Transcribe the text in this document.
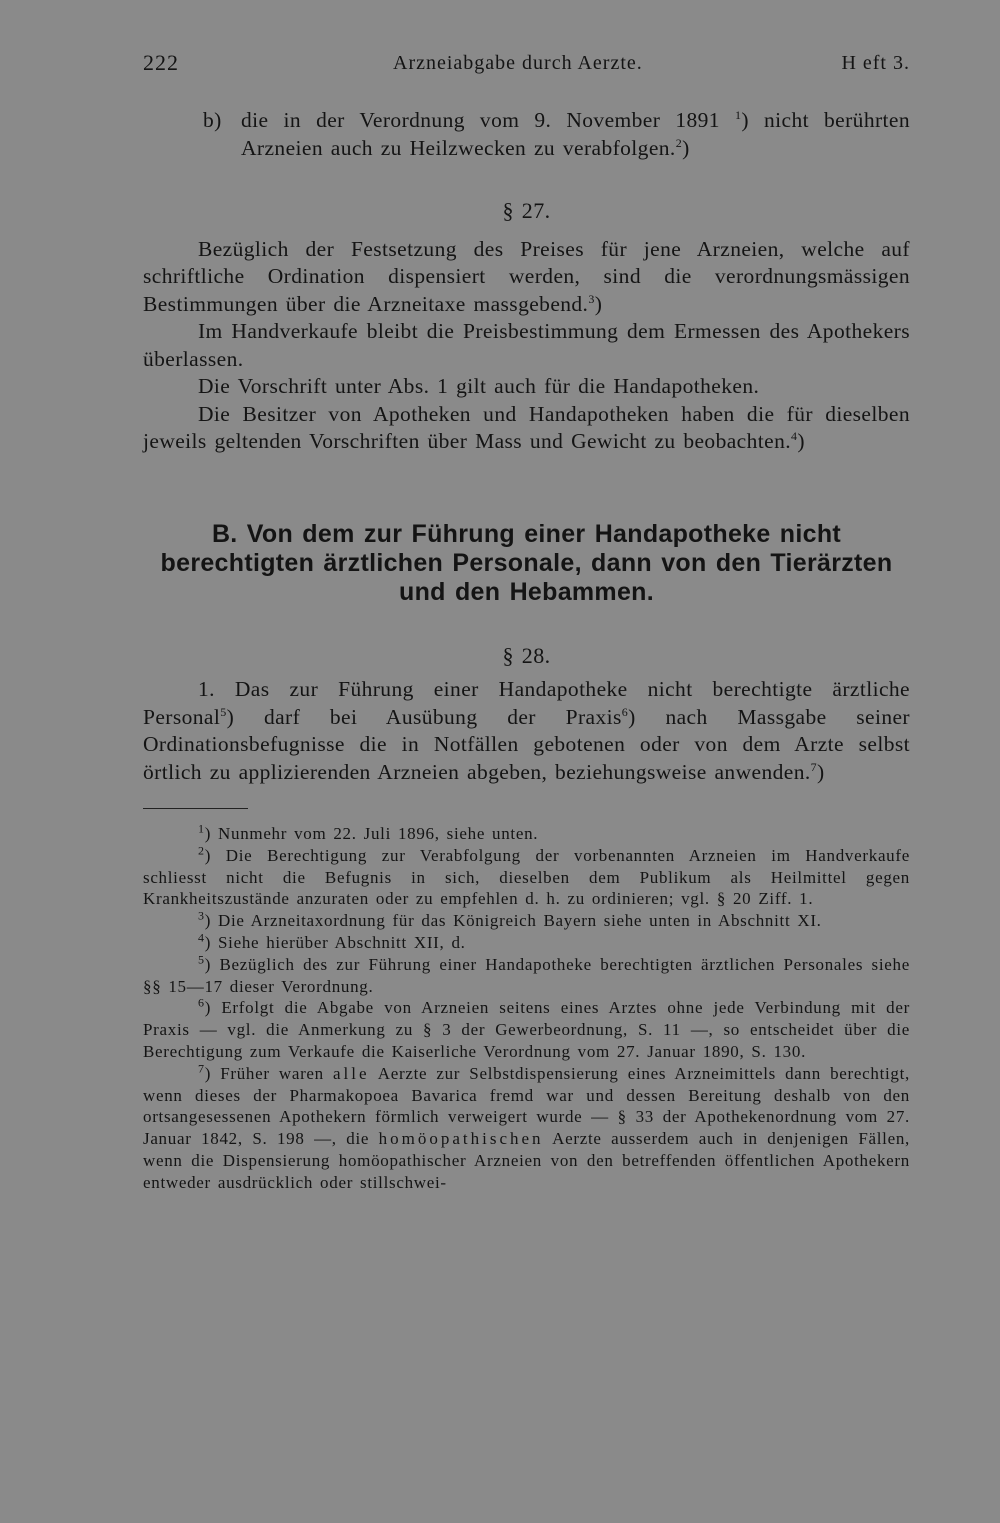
222	Arzneiabgabe durch Aerzte.	H eft 3.
b) die in der Verordnung vom 9. November 1891 $^1$) nicht berührten Arzneien auch zu Heilzwecken zu verabfolgen.$^2$)
§ 27.

Bezüglich der Festsetzung des Preises für jene Arzneien, welche auf schriftliche Ordination dispensiert werden, sind die verordnungsmässigen Bestimmungen über die Arzneitaxe massgebend.$^3$)

Im Handverkaufe bleibt die Preisbestimmung dem Ermessen des Apothekers überlassen.

Die Vorschrift unter Abs. 1 gilt auch für die Handapotheken.

Die Besitzer von Apotheken und Handapotheken haben die für dieselben jeweils geltenden Vorschriften über Mass und Gewicht zu beobachten.$^4$)

B. Von dem zur Führung einer Handapotheke nicht berechtigten ärztlichen Personale, dann von den Tierärzten und den Hebammen.
§ 28.

1. Das zur Führung einer Handapotheke nicht berechtigte ärztliche Personal$^5$) darf bei Ausübung der Praxis$^6$) nach Massgabe seiner Ordinationsbefugnisse die in Notfällen gebotenen oder von dem Arzte selbst örtlich zu applizierenden Arzneien abgeben, beziehungsweise anwenden.$^7$)

$^1$) Nunmehr vom 22. Juli 1896, siehe unten.

$^2$) Die Berechtigung zur Verabfolgung der vorbenannten Arzneien im Handverkaufe schliesst nicht die Befugnis in sich, dieselben dem Publikum als Heilmittel gegen Krankheitszustände anzuraten oder zu empfehlen d. h. zu ordinieren; vgl. § 20 Ziff. 1.

$^3$) Die Arzneitaxordnung für das Königreich Bayern siehe unten in Abschnitt XI.

$^4$) Siehe hierüber Abschnitt XII, d.

$^5$) Bezüglich des zur Führung einer Handapotheke berechtigten ärztlichen Personales siehe §§ 15—17 dieser Verordnung.

$^6$) Erfolgt die Abgabe von Arzneien seitens eines Arztes ohne jede Verbindung mit der Praxis — vgl. die Anmerkung zu § 3 der Gewerbeordnung, S. 11 —, so entscheidet über die Berechtigung zum Verkaufe die Kaiserliche Verordnung vom 27. Januar 1890, S. 130.

$^7$) Früher waren alle Aerzte zur Selbstdispensierung eines Arzneimittels dann berechtigt, wenn dieses der Pharmakopoea Bavarica fremd war und dessen Bereitung deshalb von den ortsangesessenen Apothekern förmlich verweigert wurde — § 33 der Apothekenordnung vom 27. Januar 1842, S. 198 —, die homöopathischen Aerzte ausserdem auch in denjenigen Fällen, wenn die Dispensierung homöopathischer Arzneien von den betreffenden öffentlichen Apothekern entweder ausdrücklich oder stillschwei-
